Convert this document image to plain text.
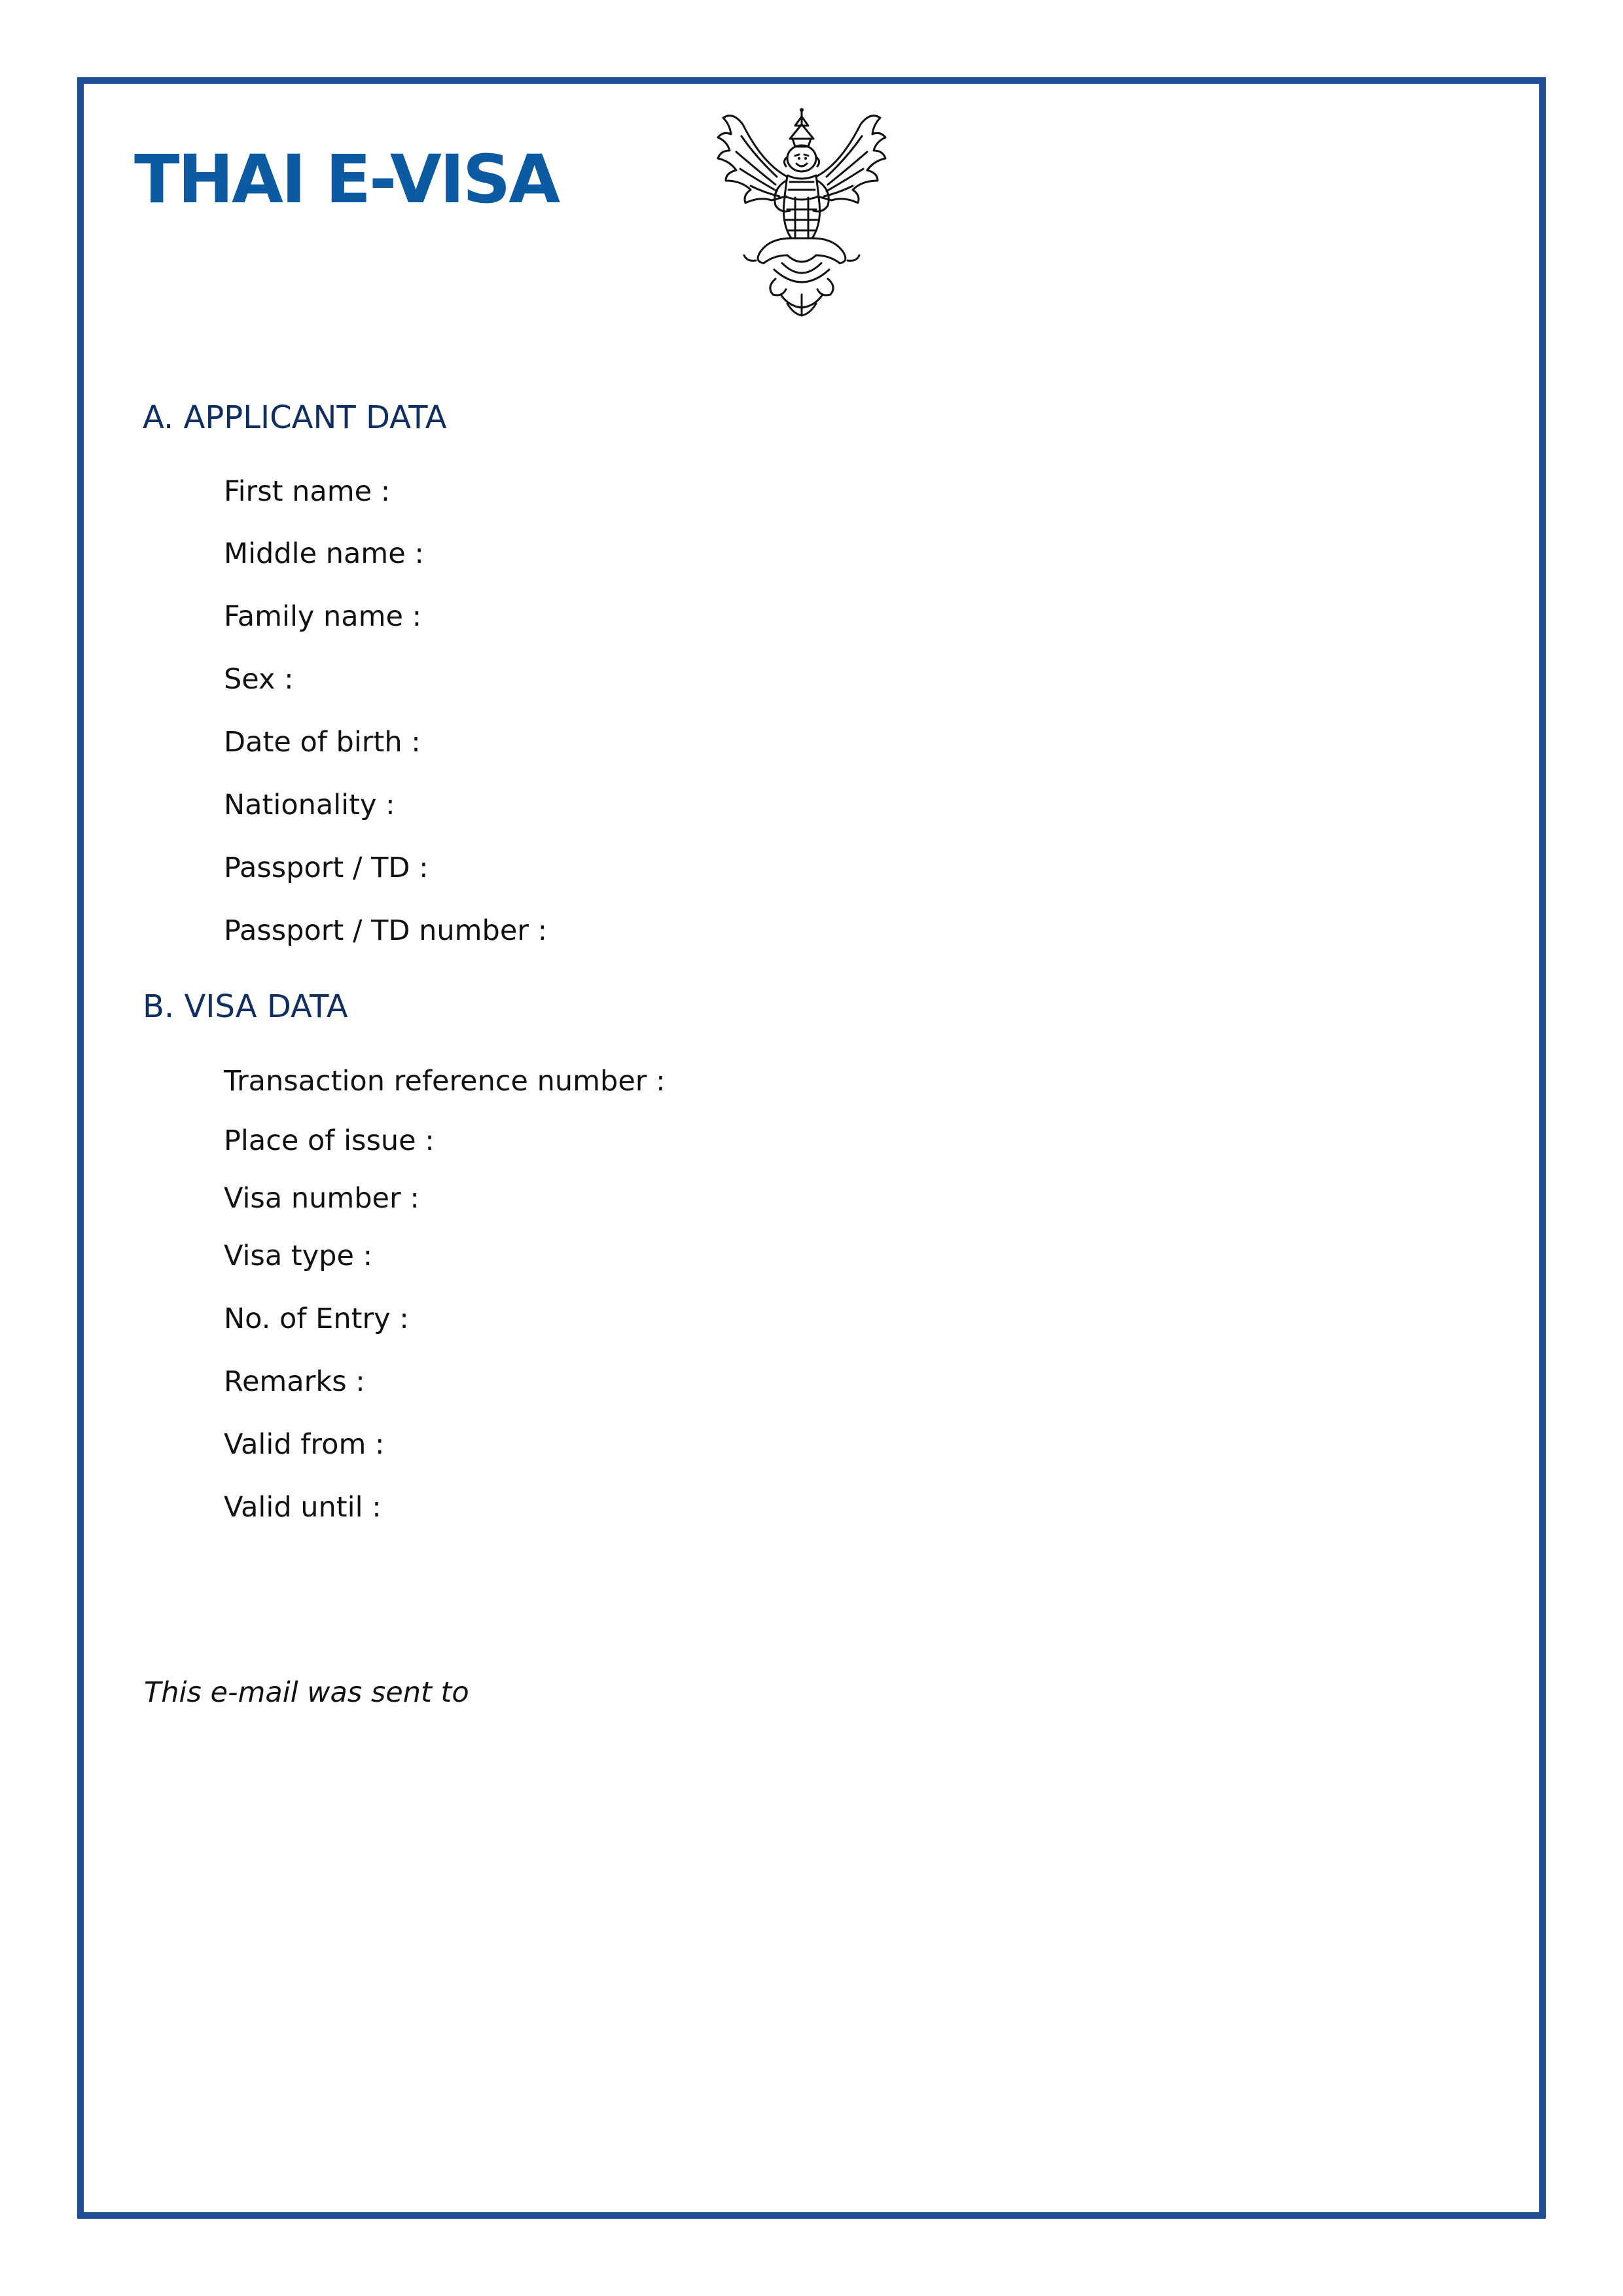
THAI E-VISA
A. APPLICANT DATA
First name :
Middle name :
Family name :
Sex :
Date of birth :
Nationality :
Passport / TD :
Passport / TD number :
B. VISA DATA
Transaction reference number :
Place of issue :
Visa number :
Visa type :
No. of Entry :
Remarks :
Valid from :
Valid until :
This e-mail was sent to
